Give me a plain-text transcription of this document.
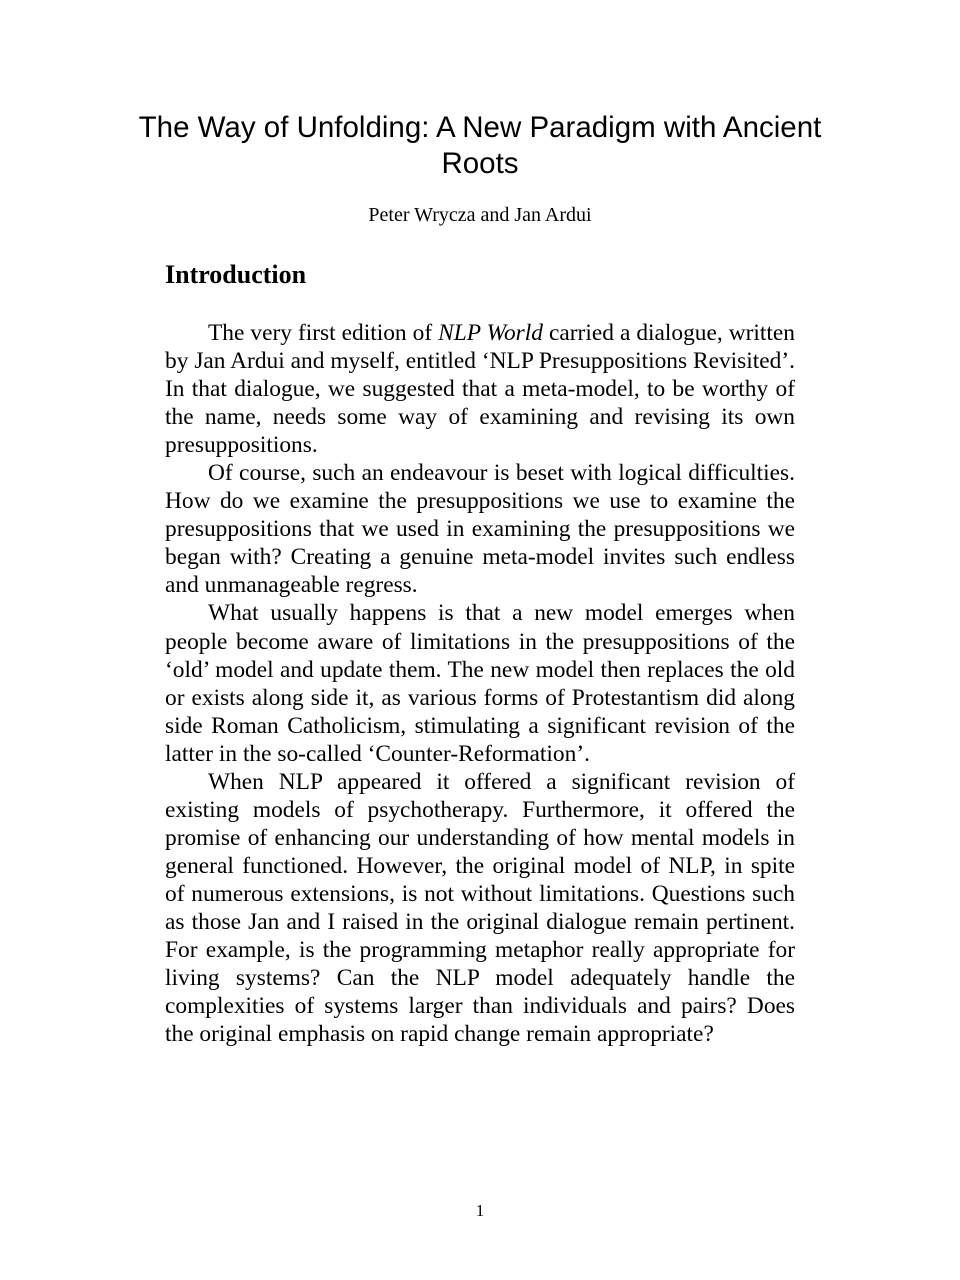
The Way of Unfolding: A New Paradigm with Ancient Roots

Peter Wrycza and Jan Ardui

Introduction

The very first edition of NLP World carried a dialogue, written by Jan Ardui and myself, entitled ‘NLP Presuppositions Revisited’. In that dialogue, we suggested that a meta-model, to be worthy of the name, needs some way of examining and revising its own presuppositions.

Of course, such an endeavour is beset with logical difficulties. How do we examine the presuppositions we use to examine the presuppositions that we used in examining the presuppositions we began with? Creating a genuine meta-model invites such endless and unmanageable regress.

What usually happens is that a new model emerges when people become aware of limitations in the presuppositions of the ‘old’ model and update them. The new model then replaces the old or exists along side it, as various forms of Protestantism did along side Roman Catholicism, stimulating a significant revision of the latter in the so-called ‘Counter-Reformation’.

When NLP appeared it offered a significant revision of existing models of psychotherapy. Furthermore, it offered the promise of enhancing our understanding of how mental models in general functioned. However, the original model of NLP, in spite of numerous extensions, is not without limitations. Questions such as those Jan and I raised in the original dialogue remain pertinent. For example, is the programming metaphor really appropriate for living systems? Can the NLP model adequately handle the complexities of systems larger than individuals and pairs? Does the original emphasis on rapid change remain appropriate?

1
